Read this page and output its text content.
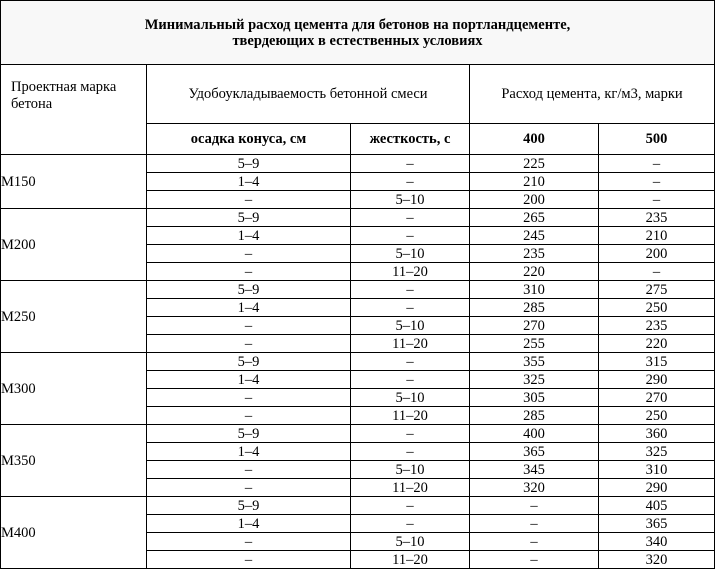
Минимальный расход цемента для бетонов на портландцементе,
твердеющих в естественных условиях				

Проектная марка
бетона	Удобоукладываемость бетонной смеси		Расход цемента, кг/м3, марки	
	осадка конуса, см	жесткость, с	400	500
М150	5–9	–	225	–
	1–4	–	210	–
	–	5–10	200	–
М200	5–9	–	265	235
	1–4	–	245	210
	–	5–10	235	200
	–	11–20	220	–
М250	5–9	–	310	275
	1–4	–	285	250
	–	5–10	270	235
	–	11–20	255	220
М300	5–9	–	355	315
	1–4	–	325	290
	–	5–10	305	270
	–	11–20	285	250
М350	5–9	–	400	360
	1–4	–	365	325
	–	5–10	345	310
	–	11–20	320	290
М400	5–9	–	–	405
	1–4	–	–	365
	–	5–10	–	340
	–	11–20	–	320
